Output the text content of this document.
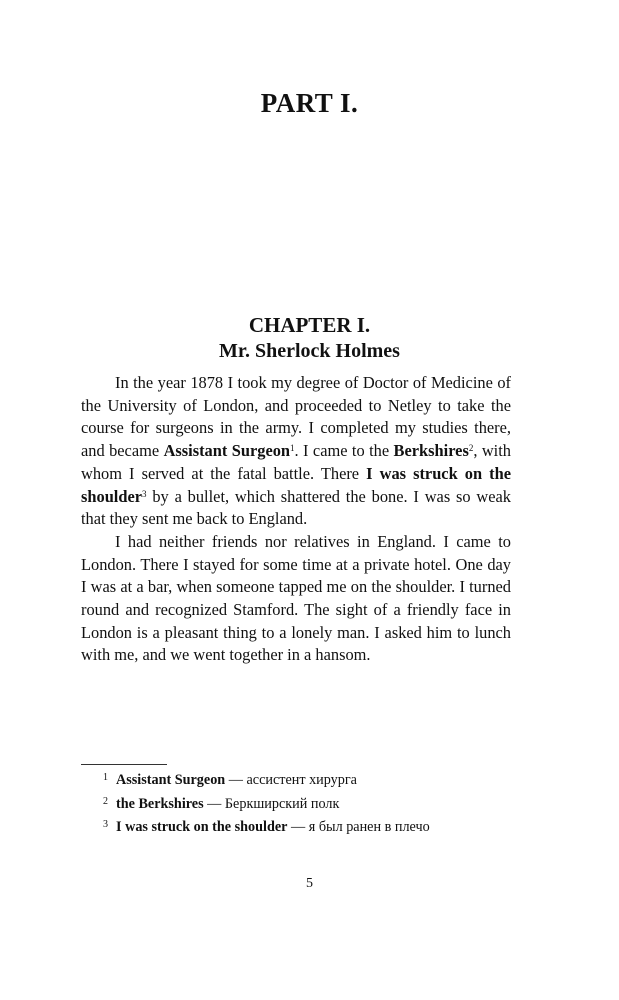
PART I.
CHAPTER I.
Mr. Sherlock Holmes

In the year 1878 I took my degree of Doctor of Medicine of the University of London, and proceeded to Netley to take the course for surgeons in the army. I completed my studies there, and became Assistant Surgeon$^1$. I came to the Berkshires$^2$, with whom I served at the fatal battle. There I was struck on the shoulder$^3$ by a bullet, which shattered the bone. I was so weak that they sent me back to England.

I had neither friends nor relatives in England. I came to London. There I stayed for some time at a private hotel. One day I was at a bar, when someone tapped me on the shoulder. I turned round and recognized Stamford. The sight of a friendly face in London is a pleasant thing to a lonely man. I asked him to lunch with me, and we went together in a hansom.

$^1$ Assistant Surgeon — ассистент хирурга

$^2$ the Berkshires — Беркширский полк

$^3$ I was struck on the shoulder — я был ранен в плечо

5
